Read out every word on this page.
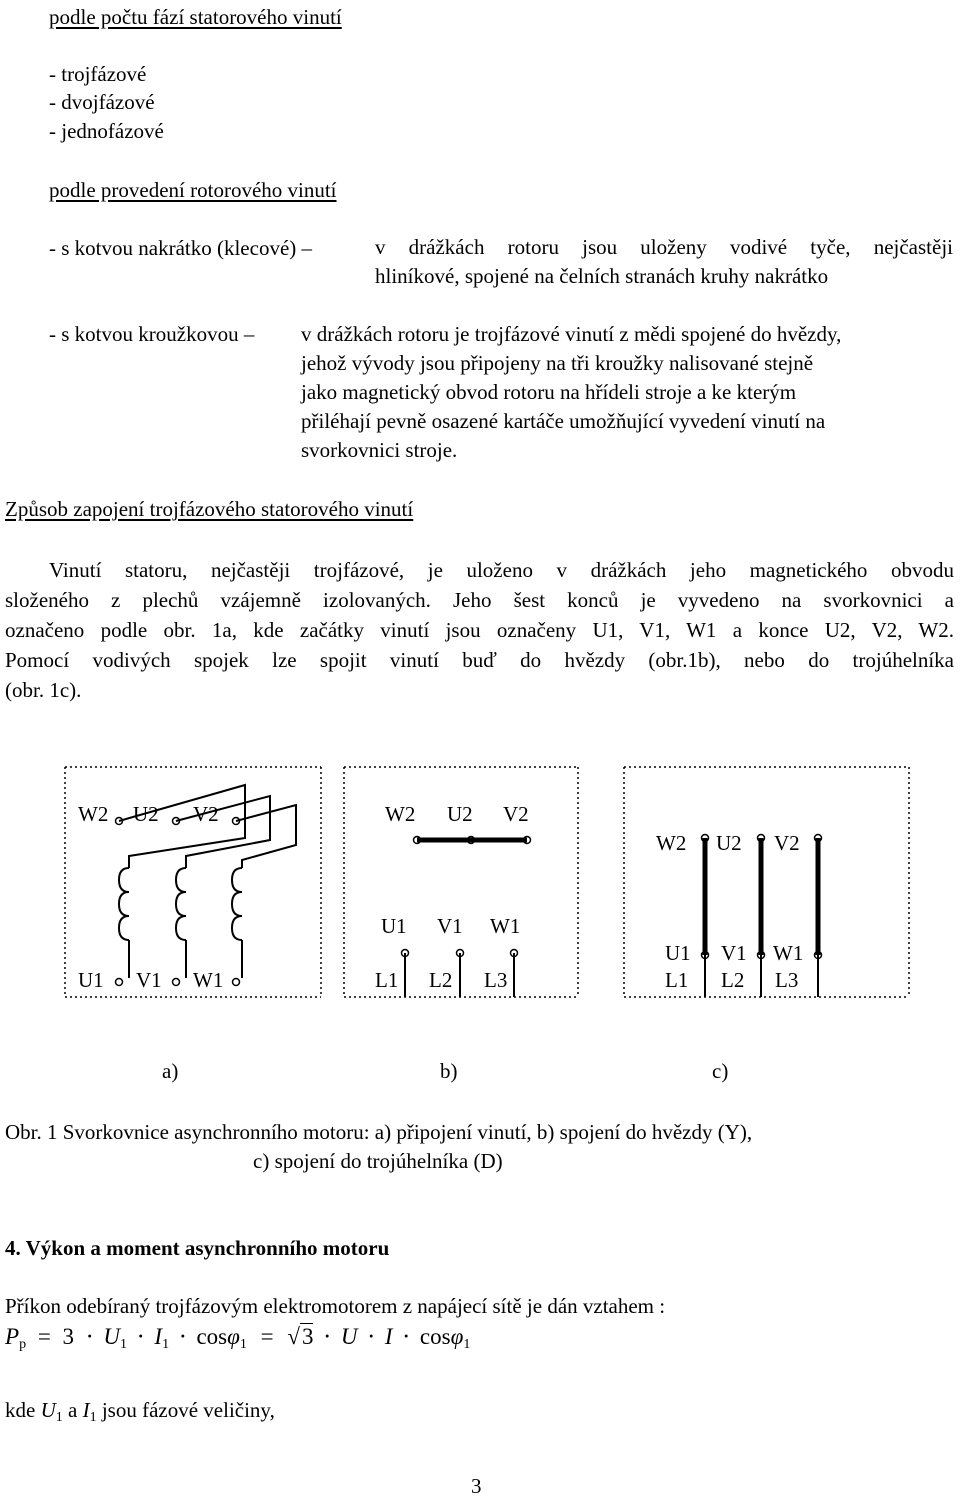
podle počtu fází statorového vinutí
- trojfázové
- dvojfázové
- jednofázové
podle provedení rotorového vinutí
- s kotvou nakrátko (klecové) –	v drážkách rotoru jsou uloženy vodivé tyče, nejčastěji
hliníkové, spojené na čelních stranách kruhy nakrátko
- s kotvou kroužkovou – v drážkách rotoru je trojfázové vinutí z mědi spojené do hvězdy,
jehož vývody jsou připojeny na tři kroužky nalisované stejně
jako magnetický obvod rotoru na hřídeli stroje a ke kterým
přiléhají pevně osazené kartáče umožňující vyvedení vinutí na
svorkovnici stroje.
Způsob zapojení trojfázového statorového vinutí
Vinutí statoru, nejčastěji trojfázové, je uloženo v drážkách jeho magnetického obvodu
složeného z plechů vzájemně izolovaných. Jeho šest konců je vyvedeno na svorkovnici a
označeno podle obr. 1a, kde začátky vinutí jsou označeny U1, V1, W1 a konce U2, V2, W2.
Pomocí vodivých spojek lze spojit vinutí buď do hvězdy (obr.1b), nebo do trojúhelníka
(obr. 1c).
W2 U2 V2
U1 V1 W1
W2 U2 V2
U1 V1 W1
L1 L2 L3
W2 U2 V2
U1 V1 W1
L1 L2 L3
a)	b)	c)
Obr. 1 Svorkovnice asynchronního motoru: a) připojení vinutí, b) spojení do hvězdy (Y),
c) spojení do trojúhelníka (D)
4. Výkon a moment asynchronního motoru
Příkon odebíraný trojfázovým elektromotorem z napájecí sítě je dán vztahem :
$P_p = 3 \cdot U_1 \cdot I_1 \cdot \cos\varphi_1 = √3 \cdot U \cdot I \cdot \cos\varphi_1$
kde $U_1$ a $I_1$ jsou fázové veličiny,
3
